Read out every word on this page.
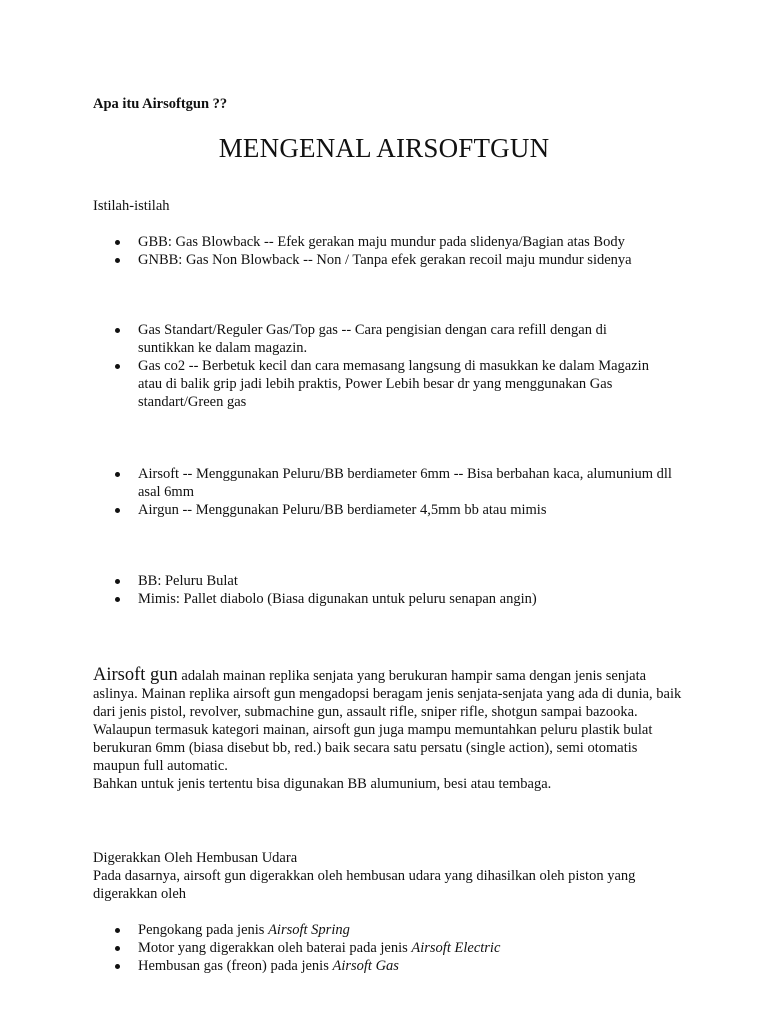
Apa itu Airsoftgun ??
MENGENAL AIRSOFTGUN
Istilah-istilah
GBB: Gas Blowback -- Efek gerakan maju mundur pada slidenya/Bagian atas Body
GNBB: Gas Non Blowback -- Non / Tanpa efek gerakan recoil maju mundur sidenya
Gas Standart/Reguler Gas/Top gas -- Cara pengisian dengan cara refill dengan di suntikkan ke dalam magazin.
Gas co2 -- Berbetuk kecil dan cara memasang langsung di masukkan ke dalam Magazin atau di balik grip jadi lebih praktis, Power Lebih besar dr yang menggunakan Gas standart/Green gas
Airsoft -- Menggunakan Peluru/BB berdiameter 6mm -- Bisa berbahan kaca, alumunium dll asal 6mm
Airgun -- Menggunakan Peluru/BB berdiameter 4,5mm bb atau mimis
BB: Peluru Bulat
Mimis: Pallet diabolo (Biasa digunakan untuk peluru senapan angin)
Airsoft gun adalah mainan replika senjata yang berukuran hampir sama dengan jenis senjata aslinya. Mainan replika airsoft gun mengadopsi beragam jenis senjata-senjata yang ada di dunia, baik dari jenis pistol, revolver, submachine gun, assault rifle, sniper rifle, shotgun sampai bazooka.
Walaupun termasuk kategori mainan, airsoft gun juga mampu memuntahkan peluru plastik bulat berukuran 6mm (biasa disebut bb, red.) baik secara satu persatu (single action), semi otomatis maupun full automatic.
Bahkan untuk jenis tertentu bisa digunakan BB alumunium, besi atau tembaga.
Digerakkan Oleh Hembusan Udara
Pada dasarnya, airsoft gun digerakkan oleh hembusan udara yang dihasilkan oleh piston yang digerakkan oleh
Pengokang pada jenis Airsoft Spring
Motor yang digerakkan oleh baterai pada jenis Airsoft Electric
Hembusan gas (freon) pada jenis Airsoft Gas
